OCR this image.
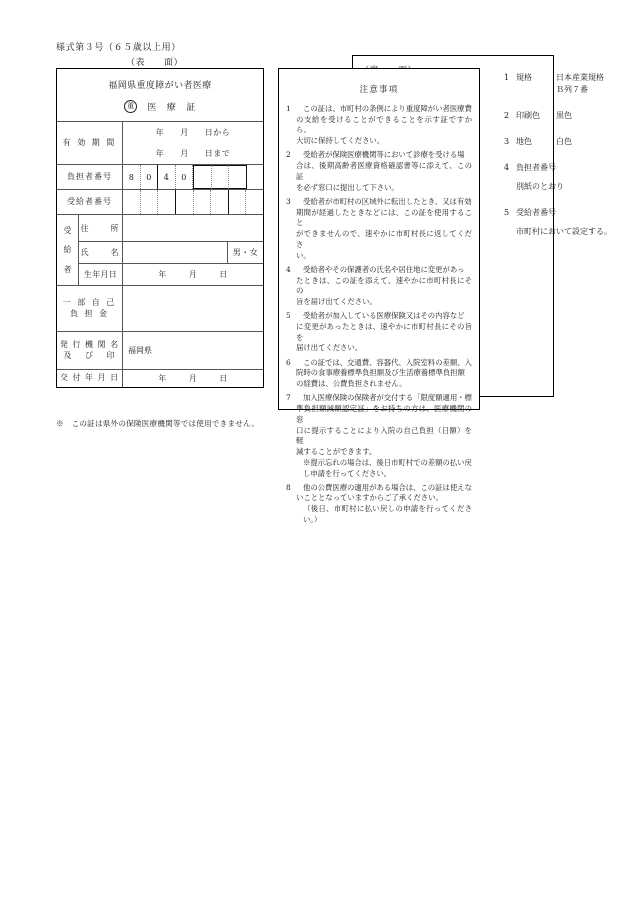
様式第３号（６５歳以上用）
（表　　面）
福岡県重度障がい者医療
重	医 療 証
有 効 期 間
年 月 日から
年 月 日まで
負担者番号	8	0	4	0
受給者番号
受
給
者
住　　所
氏　　名	男・女
生年月日	年	月	日
一 部 自 己
負 担 金
発 行 機 関 名
及　 び　 印	福岡県
交 付 年 月 日	年	月	日
※　この証は県外の保険医療機関等では使用できません。
注意事項
1	この証は、市町村の条例により重度障がい者医療費

の支給を受けることができることを示す証ですから、

大切に保持してください。

2	受給者が保険医療機関等において診療を受ける場

合は、後期高齢者医療資格確認書等に添えて、この証

を必ず窓口に提出して下さい。

3	受給者が市町村の区域外に転出したとき、又は有効

期間が経過したときなどには、この証を使用すること

ができませんので、速やかに市町村長に返してくださ

い。

4	受給者やその保護者の氏名や居住地に変更があっ

たときは、この証を添えて、速やかに市町村長にその

旨を届け出てください。

5	受給者が加入している医療保険又はその内容など

に変更があったときは、速やかに市町村長にその旨を

届け出てください。

6	この証では、交通費、容器代、入院室料の差額、入

院時の食事療養標準負担額及び生活療養標準負担額

の経費は、公費負担されません。

7	加入医療保険の保険者が交付する「限度額適用・標

準負担額減額認定証」をお持ちの方は、医療機関の窓

口に提示することにより入院の自己負担（日額）を軽

減することができます。

※提示忘れの場合は、後日市町村での差額の払い戻

し申請を行ってください。

8	他の公費医療の適用がある場合は、この証は使えな

いこととなっていますからご了承ください。

（後日、市町村に払い戻しの申請を行ってください。）

1 規格	日本産業規格
Ｂ列７番
2 印刷色	黒色
3 地色	白色
4 負担者番号
別紙のとおり
5 受給者番号
市町村において設定する。
